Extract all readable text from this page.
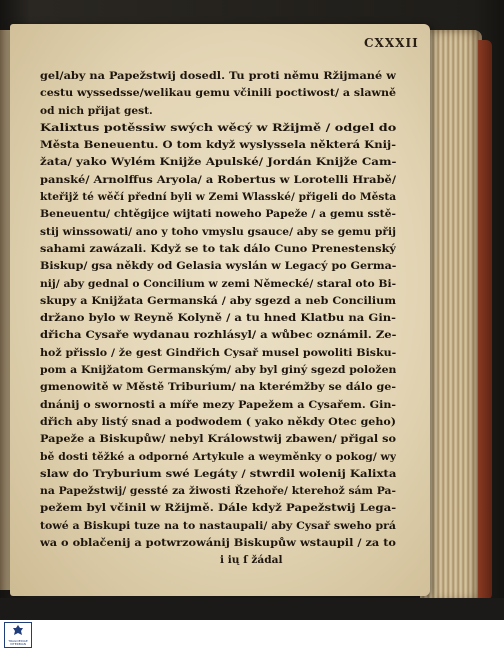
CXXXII
gel/aby na Papežstwij dosedl. Tu proti němu Ržijmané w
cestu wyssedsse/welikau gemu včinili poctiwost/ a slawně
od nich přijat gest.
Kalixtus potěssiw swých wěcý w Ržijmě / odgel do
Města Beneuentu. O tom když wyslyssela některá Knij-
žata/ yako Wylém Knijže Apulské/ Jordán Knijže Cam-
panské/ Arnolffus Aryola/ a Robertus w Lorotelli Hrabě/
kteřijž té wěčí přední byli w Zemi Wlasské/ přigeli do Města
Beneuentu/ chtěgijce wijtati noweho Papeže / a gemu sstě-
stij winssowati/ ano y toho vmyslu gsauce/ aby se gemu přij
sahami zawázali. Když se to tak dálo Cuno Prenestenský
Biskup/ gsa někdy od Gelasia wyslán w Legacý po Germa-
nij/ aby gednal o Concilium w zemi Německé/ staral oto Bi-
skupy a Knijžata Germanská / aby sgezd a neb Concilium
držano bylo w Reyně Kolyně / a tu hned Klatbu na Gin-
dřicha Cysaře wydanau rozhlásyl/ a wůbec oznámil. Ze-
hož přisslo / že gest Gindřich Cysař musel powoliti Bisku-
pom a Knijžatom Germanským/ aby byl giný sgezd položen
gmenowitě w Městě Triburium/ na kterémžby se dálo ge-
dnánij o swornosti a míře mezy Papežem a Cysařem. Gin-
dřich aby listý snad a podwodem ( yako někdy Otec geho)
Papeže a Biskupůw/ nebyl Králowstwij zbawen/ přigal so
bě dosti těžké a odporné Artykule a weyměnky o pokog/ wy
slaw do Tryburium swé Legáty / stwrdil wolenij Kalixta
na Papežstwij/ gessté za žiwosti Řzehoře/ kterehož sám Pa-
pežem byl včinil w Ržijmě. Dále když Papežstwij Lega-
towé a Biskupi tuze na to nastaupali/ aby Cysař sweho prá
wa o oblačenij a potwrzowánij Biskupůw wstaupil / za to
i ių ſ žádal
TRAGOEDIAE VITERBIAN
